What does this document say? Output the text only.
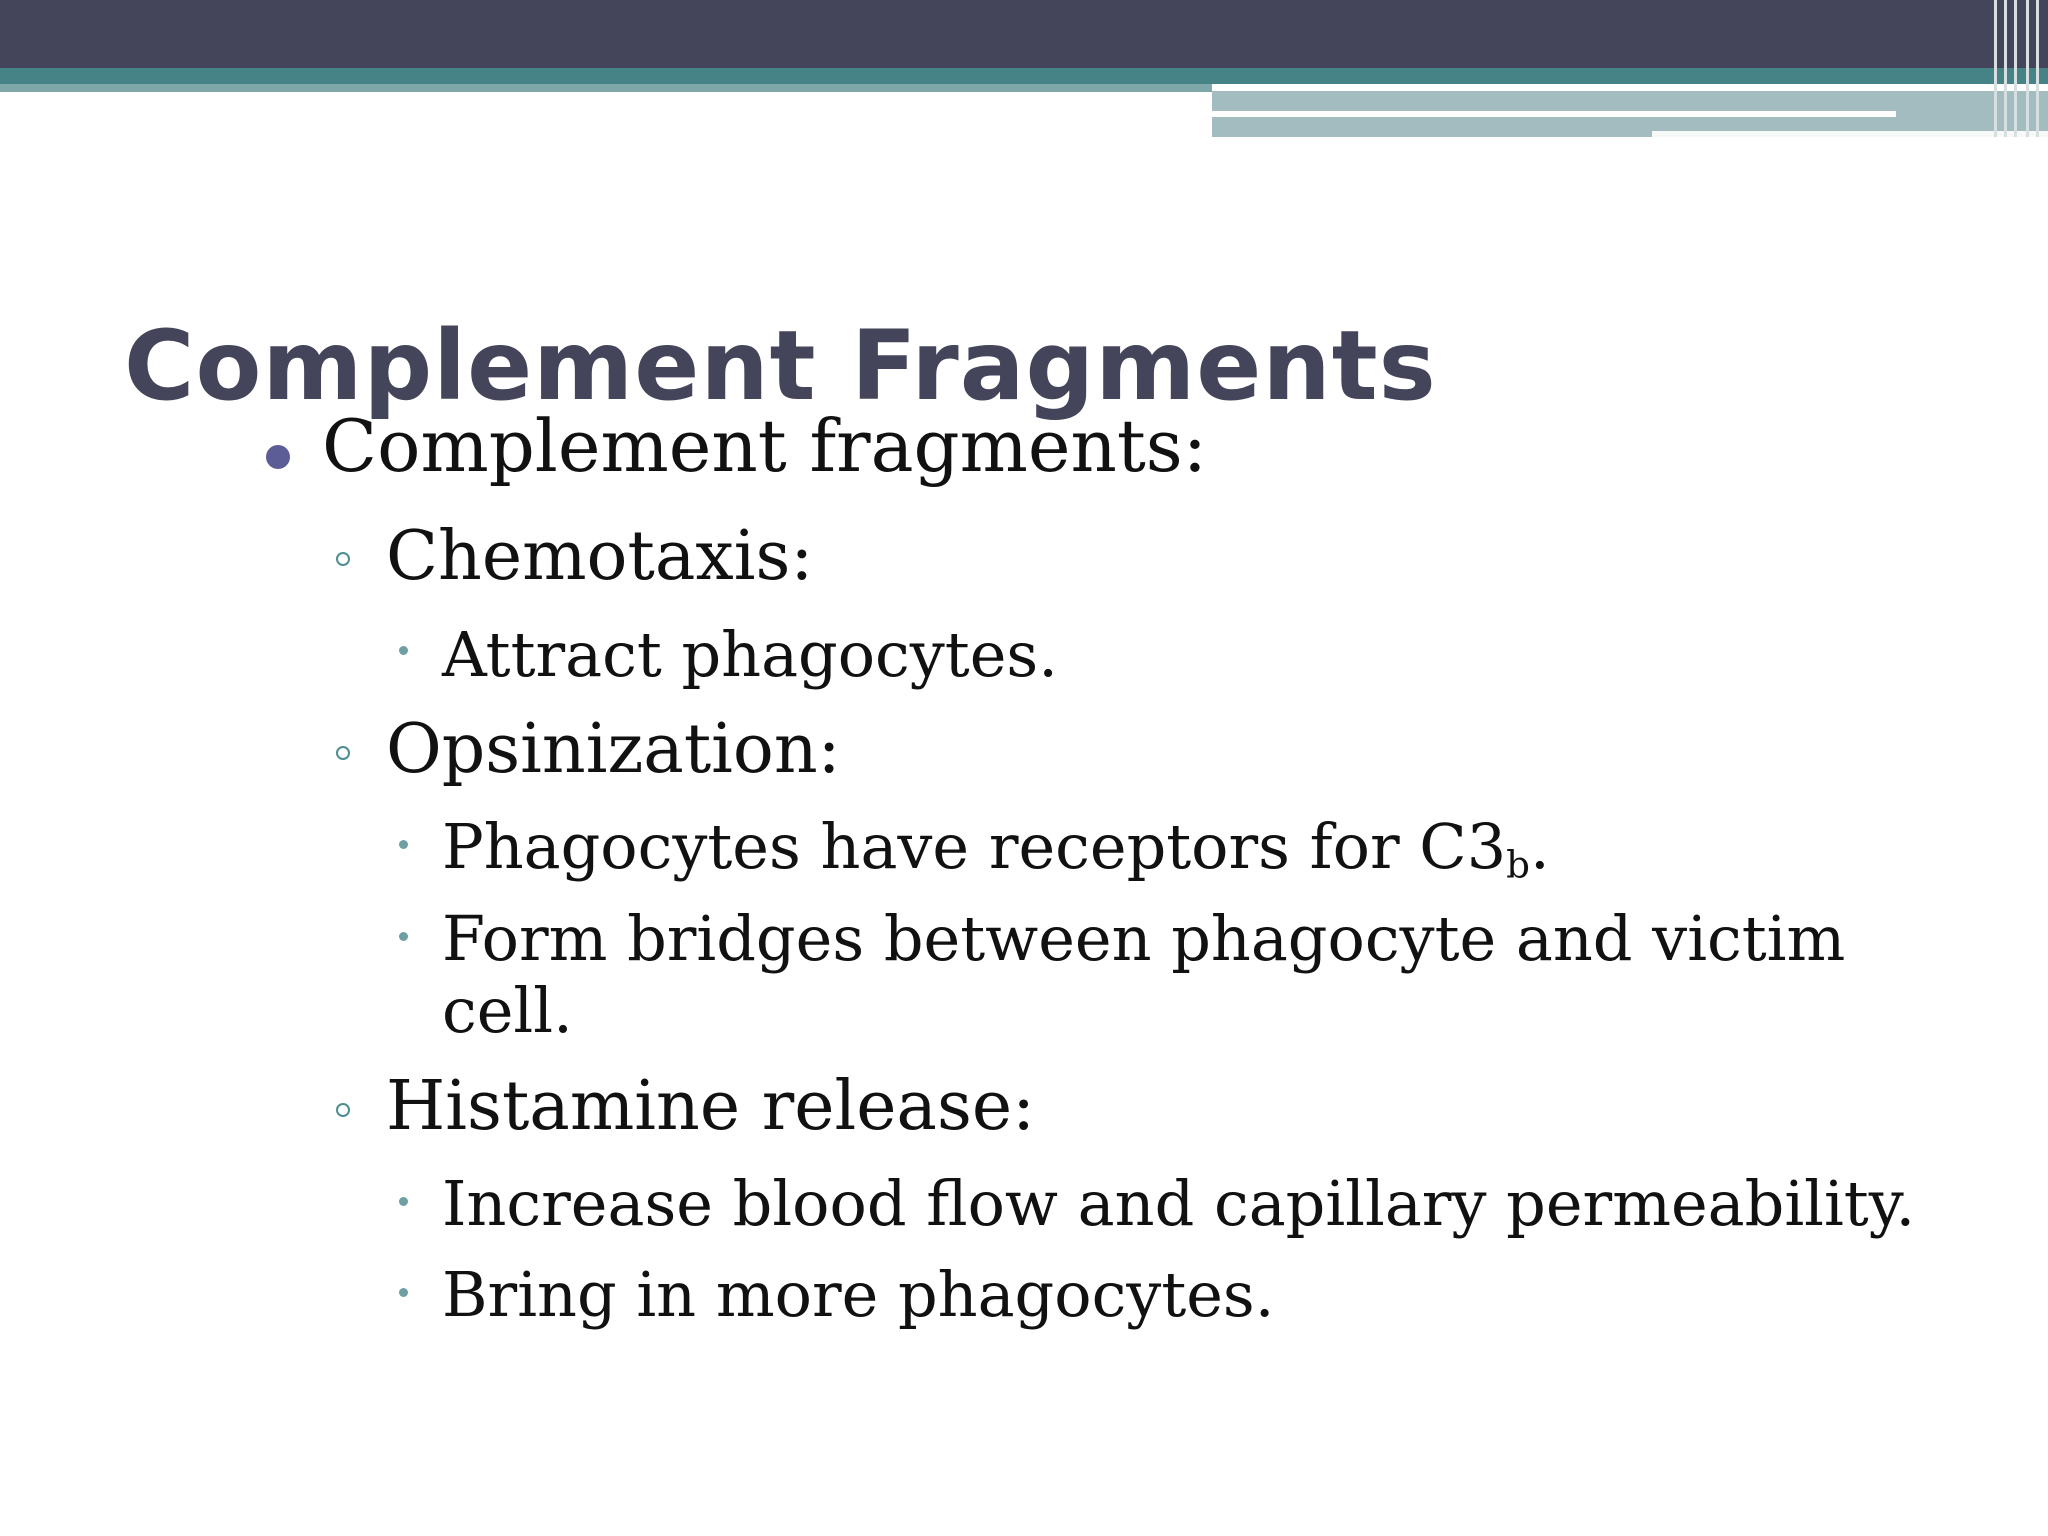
Complement Fragments
Complement fragments:
Chemotaxis:
Attract phagocytes.
Opsinization:
Phagocytes have receptors for $C3_b$.
Form bridges between phagocyte and victim
cell.
Histamine release:
Increase blood flow and capillary permeability.
Bring in more phagocytes.
